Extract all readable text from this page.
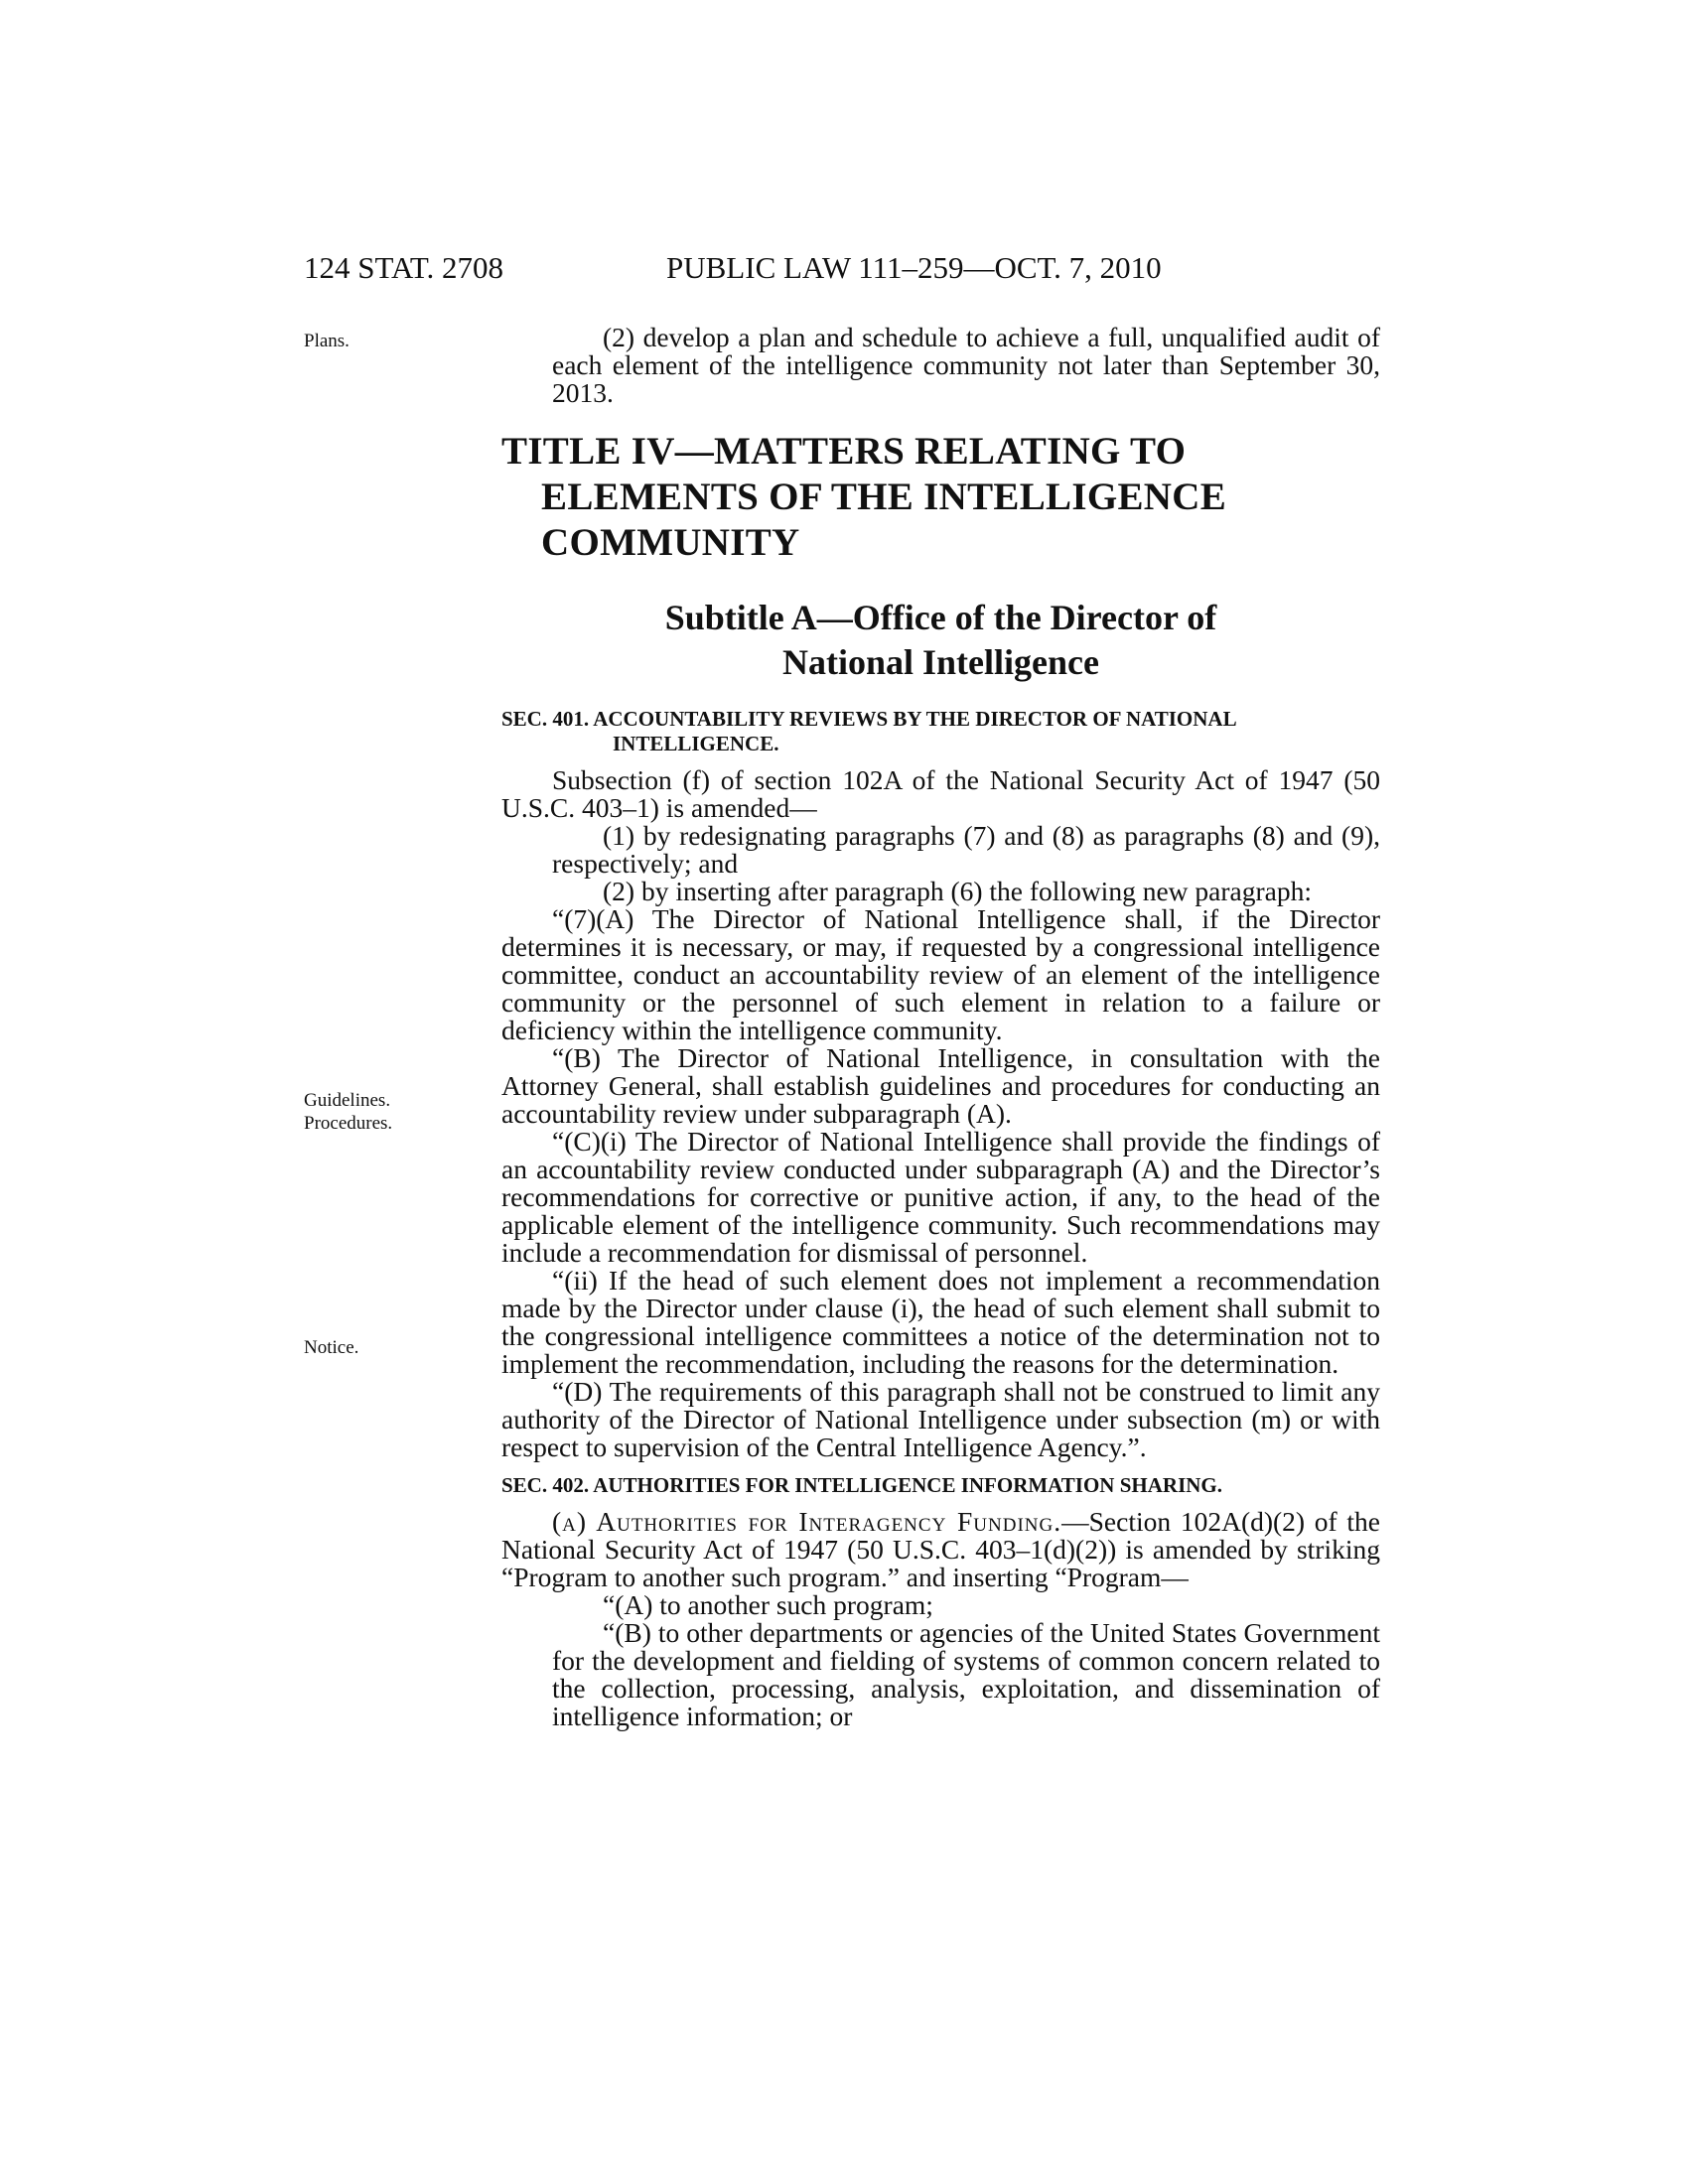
124 STAT. 2708	PUBLIC LAW 111–259—OCT. 7, 2010
Plans.
Guidelines.
Procedures.
Notice.

(2) develop a plan and schedule to achieve a full, unqualified audit of each element of the intelligence community not later than September 30, 2013.

TITLE IV—MATTERS RELATING TO ELEMENTS OF THE INTELLIGENCE COMMUNITY
Subtitle A—Office of the Director of
National Intelligence
SEC. 401. ACCOUNTABILITY REVIEWS BY THE DIRECTOR OF NATIONAL INTELLIGENCE.

Subsection (f) of section 102A of the National Security Act of 1947 (50 U.S.C. 403–1) is amended—

(1) by redesignating paragraphs (7) and (8) as paragraphs (8) and (9), respectively; and

(2) by inserting after paragraph (6) the following new paragraph:

“(7)(A) The Director of National Intelligence shall, if the Director determines it is necessary, or may, if requested by a congressional intelligence committee, conduct an accountability review of an element of the intelligence community or the personnel of such element in relation to a failure or deficiency within the intelligence community.

“(B) The Director of National Intelligence, in consultation with the Attorney General, shall establish guidelines and procedures for conducting an accountability review under subparagraph (A).

“(C)(i) The Director of National Intelligence shall provide the findings of an accountability review conducted under subparagraph (A) and the Director’s recommendations for corrective or punitive action, if any, to the head of the applicable element of the intelligence community. Such recommendations may include a recommendation for dismissal of personnel.

“(ii) If the head of such element does not implement a recommendation made by the Director under clause (i), the head of such element shall submit to the congressional intelligence committees a notice of the determination not to implement the recommendation, including the reasons for the determination.

“(D) The requirements of this paragraph shall not be construed to limit any authority of the Director of National Intelligence under subsection (m) or with respect to supervision of the Central Intelligence Agency.”.

SEC. 402. AUTHORITIES FOR INTELLIGENCE INFORMATION SHARING.

(a) Authorities for Interagency Funding.—Section 102A(d)(2) of the National Security Act of 1947 (50 U.S.C. 403–1(d)(2)) is amended by striking “Program to another such program.” and inserting “Program—

“(A) to another such program;

“(B) to other departments or agencies of the United States Government for the development and fielding of systems of common concern related to the collection, processing, analysis, exploitation, and dissemination of intelligence information; or
